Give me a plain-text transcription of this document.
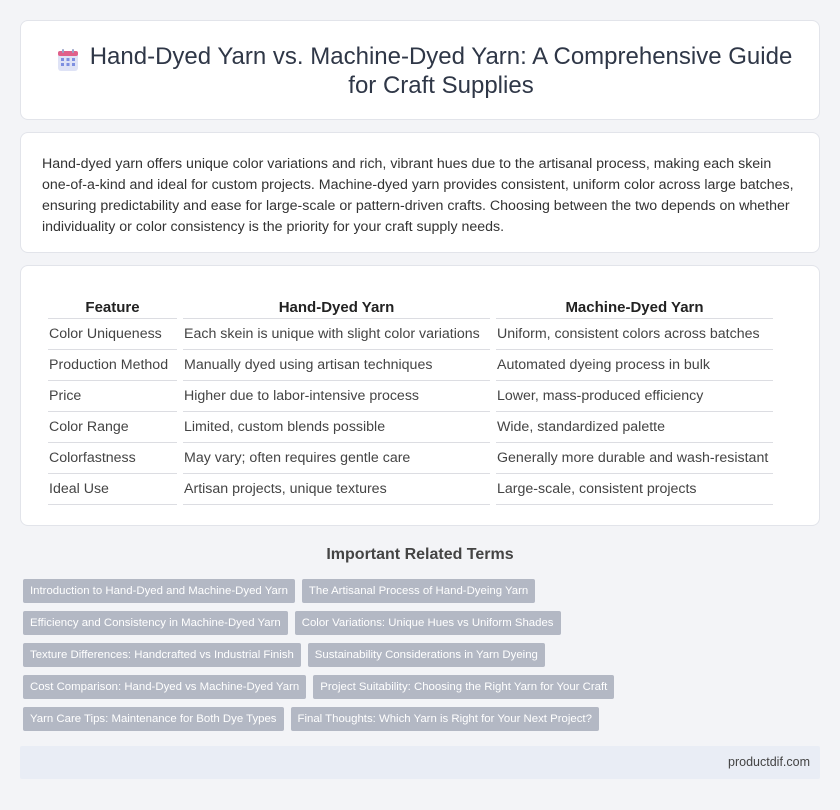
Hand-Dyed Yarn vs. Machine-Dyed Yarn: A Comprehensive Guide for Craft Supplies

Hand-dyed yarn offers unique color variations and rich, vibrant hues due to the artisanal process, making each skein one-of-a-kind and ideal for custom projects. Machine-dyed yarn provides consistent, uniform color across large batches, ensuring predictability and ease for large-scale or pattern-driven crafts. Choosing between the two depends on whether individuality or color consistency is the priority for your craft supply needs.

Feature	Hand-Dyed Yarn	Machine-Dyed Yarn
Color Uniqueness	Each skein is unique with slight color variations	Uniform, consistent colors across batches
Production Method	Manually dyed using artisan techniques	Automated dyeing process in bulk
Price	Higher due to labor-intensive process	Lower, mass-produced efficiency
Color Range	Limited, custom blends possible	Wide, standardized palette
Colorfastness	May vary; often requires gentle care	Generally more durable and wash-resistant
Ideal Use	Artisan projects, unique textures	Large-scale, consistent projects
Important Related Terms
Introduction to Hand-Dyed and Machine-Dyed Yarn	The Artisanal Process of Hand-Dyeing Yarn
Efficiency and Consistency in Machine-Dyed Yarn	Color Variations: Unique Hues vs Uniform Shades
Texture Differences: Handcrafted vs Industrial Finish	Sustainability Considerations in Yarn Dyeing
Cost Comparison: Hand-Dyed vs Machine-Dyed Yarn	Project Suitability: Choosing the Right Yarn for Your Craft
Yarn Care Tips: Maintenance for Both Dye Types	Final Thoughts: Which Yarn is Right for Your Next Project?
productdif.com
